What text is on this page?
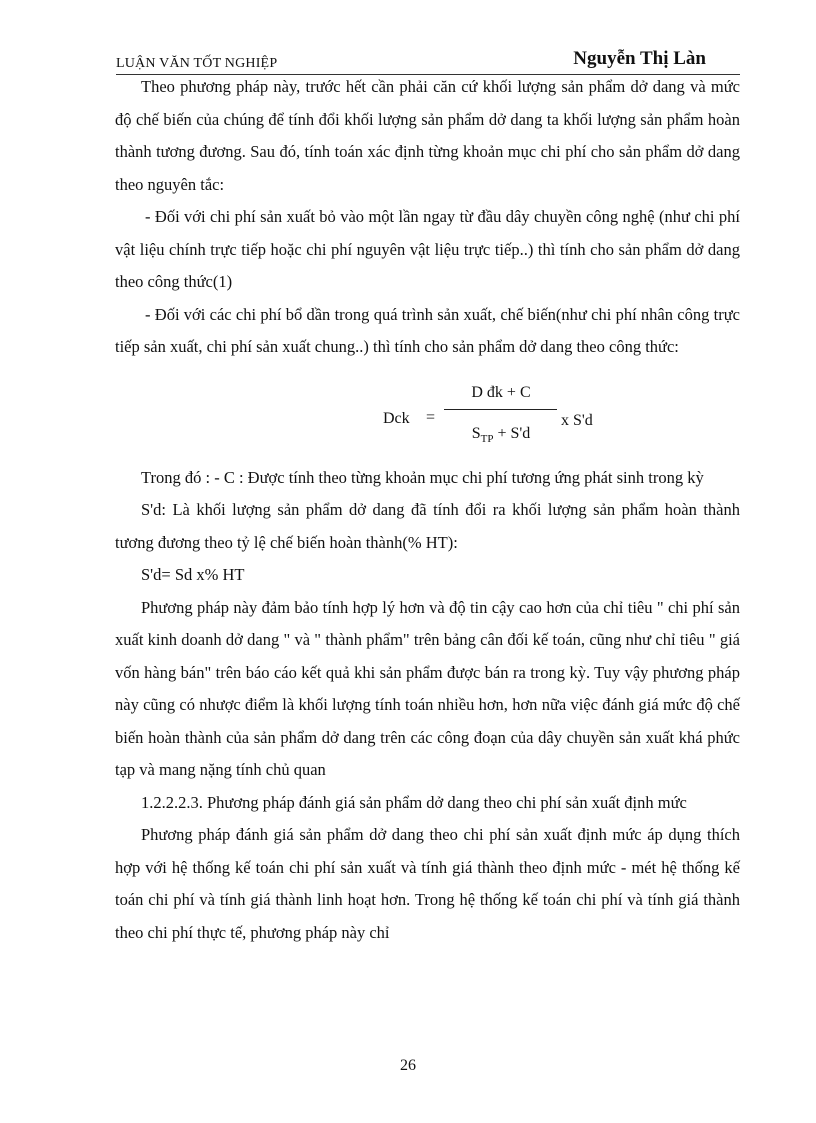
LUẬN VĂN TỐT NGHIỆP	Nguyễn Thị Làn

Theo phương pháp này, trước hết cần phải căn cứ khối lượng sản phẩm dở dang và mức độ chế biến của chúng để tính đổi khối lượng sản phẩm dở dang ta khối lượng sản phẩm hoàn thành tương đương. Sau đó, tính toán xác định từng khoản mục chi phí cho sản phẩm dở dang theo nguyên tắc:

- Đối với chi phí sản xuất bỏ vào một lần ngay từ đầu dây chuyền công nghệ (như chi phí vật liệu chính trực tiếp hoặc chi phí nguyên vật liệu trực tiếp..) thì tính cho sản phẩm dở dang theo công thức(1)

- Đối với các chi phí bổ dần trong quá trình sản xuất, chế biến(như chi phí nhân công trực tiếp sản xuất, chi phí sản xuất chung..) thì tính cho sản phẩm dở dang theo công thức:

Dck =
D đk + C
$S_{TP} + S'd$
x S'd

Trong đó : - C : Được tính theo từng khoản mục chi phí tương ứng phát sinh trong kỳ

S'd: Là khối lượng sản phẩm dở dang đã tính đổi ra khối lượng sản phẩm hoàn thành tương đương theo tỷ lệ chế biến hoàn thành(% HT):

S'd= Sd x% HT

Phương pháp này đảm bảo tính hợp lý hơn và độ tin cậy cao hơn của chỉ tiêu " chi phí sản xuất kinh doanh dở dang " và " thành phẩm" trên bảng cân đối kế toán, cũng như chỉ tiêu " giá vốn hàng bán" trên báo cáo kết quả khi sản phẩm được bán ra trong kỳ. Tuy vậy phương pháp này cũng có nhược điểm là khối lượng tính toán nhiều hơn, hơn nữa việc đánh giá mức độ chế biến hoàn thành của sản phẩm dở dang trên các công đoạn của dây chuyền sản xuất khá phức tạp và mang nặng tính chủ quan

1.2.2.2.3. Phương pháp đánh giá sản phẩm dở dang theo chi phí sản xuất định mức

Phương pháp đánh giá sản phẩm dở dang theo chi phí sản xuất định mức áp dụng thích hợp với hệ thống kế toán chi phí sản xuất và tính giá thành theo định mức - mét hệ thống kế toán chi phí và tính giá thành linh hoạt hơn. Trong hệ thống kế toán chi phí và tính giá thành theo chi phí thực tế, phương pháp này chỉ

26
